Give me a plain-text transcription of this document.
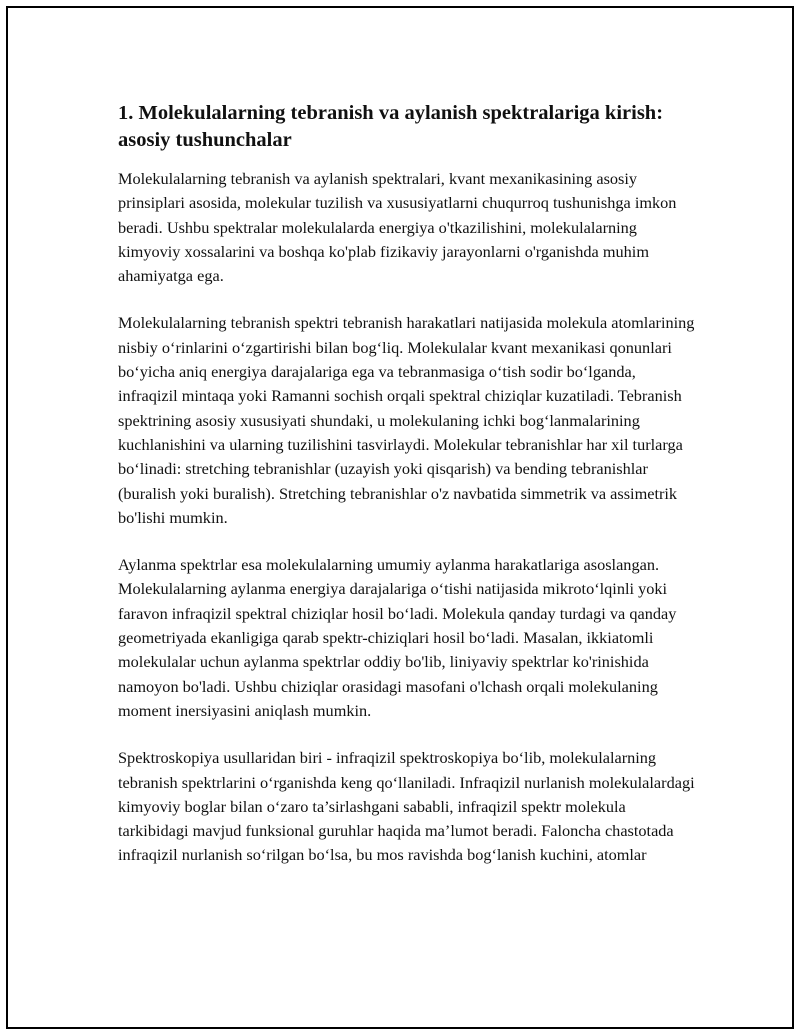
1. Molekulalarning tebranish va aylanish spektralariga kirish: asosiy tushunchalar

Molekulalarning tebranish va aylanish spektralari, kvant mexanikasining asosiy prinsiplari asosida, molekular tuzilish va xususiyatlarni chuqurroq tushunishga imkon beradi. Ushbu spektralar molekulalarda energiya o'tkazilishini, molekulalarning kimyoviy xossalarini va boshqa ko'plab fizikaviy jarayonlarni o'rganishda muhim ahamiyatga ega.

Molekulalarning tebranish spektri tebranish harakatlari natijasida molekula atomlarining nisbiy o‘rinlarini o‘zgartirishi bilan bog‘liq. Molekulalar kvant mexanikasi qonunlari bo‘yicha aniq energiya darajalariga ega va tebranmasiga o‘tish sodir bo‘lganda, infraqizil mintaqa yoki Ramanni sochish orqali spektral chiziqlar kuzatiladi. Tebranish spektrining asosiy xususiyati shundaki, u molekulaning ichki bog‘lanmalarining kuchlanishini va ularning tuzilishini tasvirlaydi. Molekular tebranishlar har xil turlarga bo‘linadi: stretching tebranishlar (uzayish yoki qisqarish) va bending tebranishlar (buralish yoki buralish). Stretching tebranishlar o'z navbatida simmetrik va assimetrik bo'lishi mumkin.

Aylanma spektrlar esa molekulalarning umumiy aylanma harakatlariga asoslangan. Molekulalarning aylanma energiya darajalariga o‘tishi natijasida mikroto‘lqinli yoki faravon infraqizil spektral chiziqlar hosil bo‘ladi. Molekula qanday turdagi va qanday geometriyada ekanligiga qarab spektr-chiziqlari hosil bo‘ladi. Masalan, ikkiatomli molekulalar uchun aylanma spektrlar oddiy bo'lib, liniyaviy spektrlar ko'rinishida namoyon bo'ladi. Ushbu chiziqlar orasidagi masofani o'lchash orqali molekulaning moment inersiyasini aniqlash mumkin.

Spektroskopiya usullaridan biri - infraqizil spektroskopiya bo‘lib, molekulalarning tebranish spektrlarini o‘rganishda keng qo‘llaniladi. Infraqizil nurlanish molekulalardagi kimyoviy boglar bilan o‘zaro ta’sirlashgani sababli, infraqizil spektr molekula tarkibidagi mavjud funksional guruhlar haqida ma’lumot beradi. Faloncha chastotada infraqizil nurlanish so‘rilgan bo‘lsa, bu mos ravishda bog‘lanish kuchini, atomlar
